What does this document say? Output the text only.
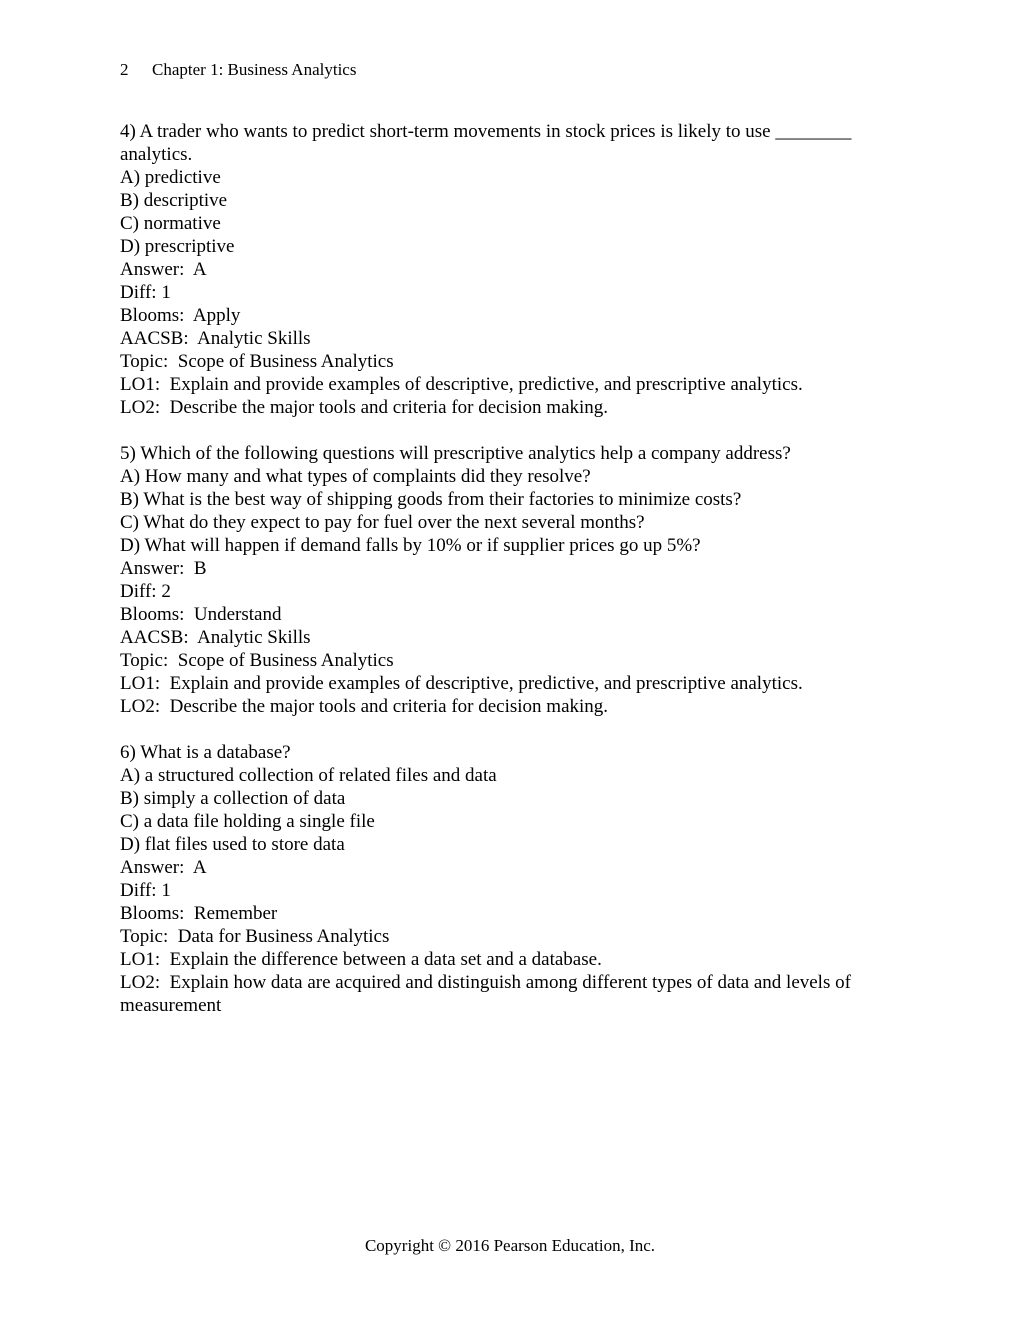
2 Chapter 1: Business Analytics
4) A trader who wants to predict short-term movements in stock prices is likely to use ________ analytics.
A) predictive
B) descriptive
C) normative
D) prescriptive
Answer:  A
Diff: 1
Blooms:  Apply
AACSB:  Analytic Skills
Topic:  Scope of Business Analytics
LO1:  Explain and provide examples of descriptive, predictive, and prescriptive analytics.
LO2:  Describe the major tools and criteria for decision making.
5) Which of the following questions will prescriptive analytics help a company address?
A) How many and what types of complaints did they resolve?
B) What is the best way of shipping goods from their factories to minimize costs?
C) What do they expect to pay for fuel over the next several months?
D) What will happen if demand falls by 10% or if supplier prices go up 5%?
Answer:  B
Diff: 2
Blooms:  Understand
AACSB:  Analytic Skills
Topic:  Scope of Business Analytics
LO1:  Explain and provide examples of descriptive, predictive, and prescriptive analytics.
LO2:  Describe the major tools and criteria for decision making.
6) What is a database?
A) a structured collection of related files and data
B) simply a collection of data
C) a data file holding a single file
D) flat files used to store data
Answer:  A
Diff: 1
Blooms:  Remember
Topic:  Data for Business Analytics
LO1:  Explain the difference between a data set and a database.
LO2:  Explain how data are acquired and distinguish among different types of data and levels of measurement
Copyright © 2016 Pearson Education, Inc.
